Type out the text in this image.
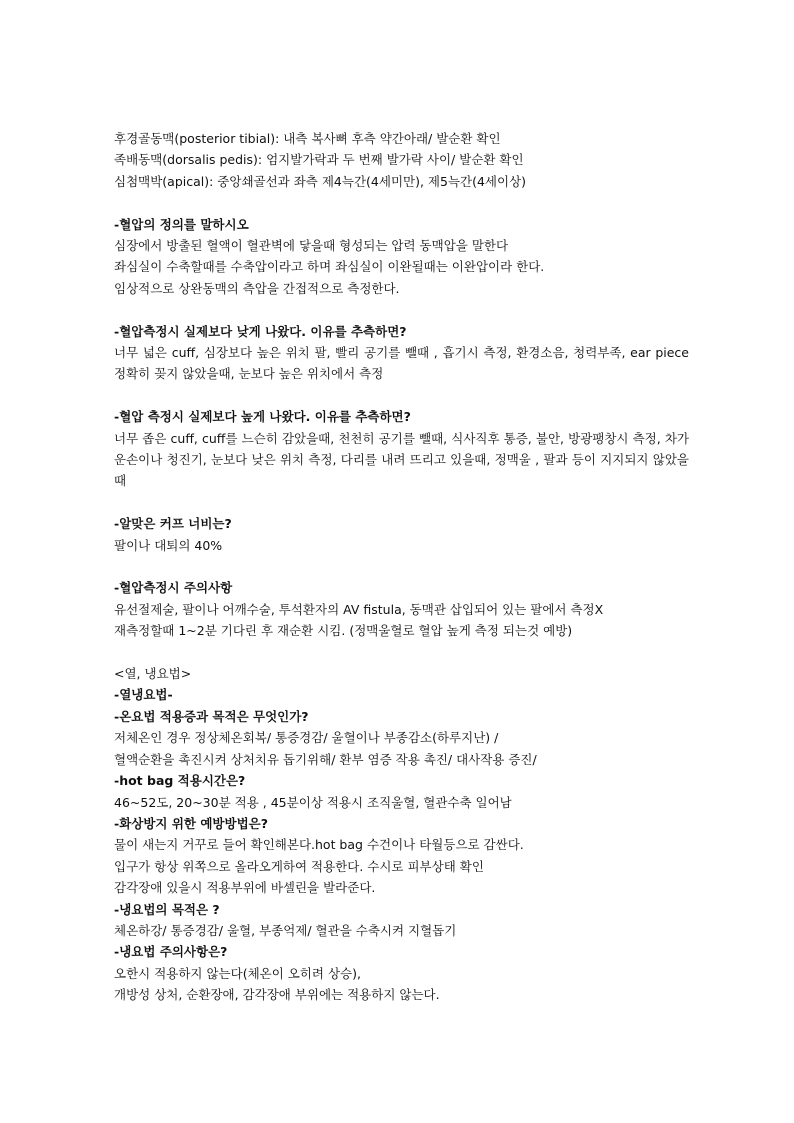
후경골동맥(posterior tibial): 내측 복사뼈 후측 약간아래/ 발순환 확인
족배동맥(dorsalis pedis): 엄지발가락과 두 번째 발가락 사이/ 발순환 확인
심첨맥박(apical): 중앙쇄골선과 좌측 제4늑간(4세미만), 제5늑간(4세이상)
-혈압의 정의를 말하시오
심장에서 방출된 혈액이 혈관벽에 닿을때 형성되는 압력 동맥압을 말한다
좌심실이 수축할때를 수축압이라고 하며 좌심실이 이완될때는 이완압이라 한다.
임상적으로 상완동맥의 측압을 간접적으로 측정한다.
-혈압측정시 실제보다 낮게 나왔다. 이유를 추측하면?
너무 넓은 cuff, 심장보다 높은 위치 팔, 빨리 공기를 뺄때 , 흡기시 측정, 환경소음, 청력부족, ear piece정확히 꽂지 않았을때, 눈보다 높은 위치에서 측정
-혈압 측정시 실제보다 높게 나왔다. 이유를 추측하면?
너무 좁은 cuff, cuff를 느슨히 감았을때, 천천히 공기를 뺄때, 식사직후 통증, 불안, 방광팽창시 측정, 차가운손이나 청진기, 눈보다 낮은 위치 측정, 다리를 내려 뜨리고 있을때, 정맥울 , 팔과 등이 지지되지 않았을때
-알맞은 커프 너비는?
팔이나 대퇴의 40%
-혈압측정시 주의사항
유선절제술, 팔이나 어깨수술, 투석환자의 AV fistula, 동맥관 삽입되어 있는 팔에서 측정X
재측정할때 1~2분 기다린 후 재순환 시킴. (정맥울혈로 혈압 높게 측정 되는것 예방)
<열, 냉요법>
-열냉요법-
-온요법 적용증과 목적은 무엇인가?
저체온인 경우 정상체온회복/ 통증경감/ 울혈이나 부종감소(하루지난) /
혈액순환을 촉진시켜 상처치유 돕기위해/ 환부 염증 작용 촉진/ 대사작용 증진/
-hot bag 적용시간은?
46~52도, 20~30분 적용 , 45분이상 적용시 조직울혈, 혈관수축 일어남
-화상방지 위한 예방방법은?
물이 새는지 거꾸로 들어 확인해본다.hot bag 수건이나 타월등으로 감싼다.
입구가 항상 위쪽으로 올라오게하여 적용한다. 수시로 피부상태 확인
감각장애 있을시 적용부위에 바셀린을 발라준다.
-냉요법의 목적은 ?
체온하강/ 통증경감/ 울혈, 부종억제/ 혈관을 수축시켜 지혈돕기
-냉요법 주의사항은?
오한시 적용하지 않는다(체온이 오히려 상승),
개방성 상처, 순환장애, 감각장애 부위에는 적용하지 않는다.
